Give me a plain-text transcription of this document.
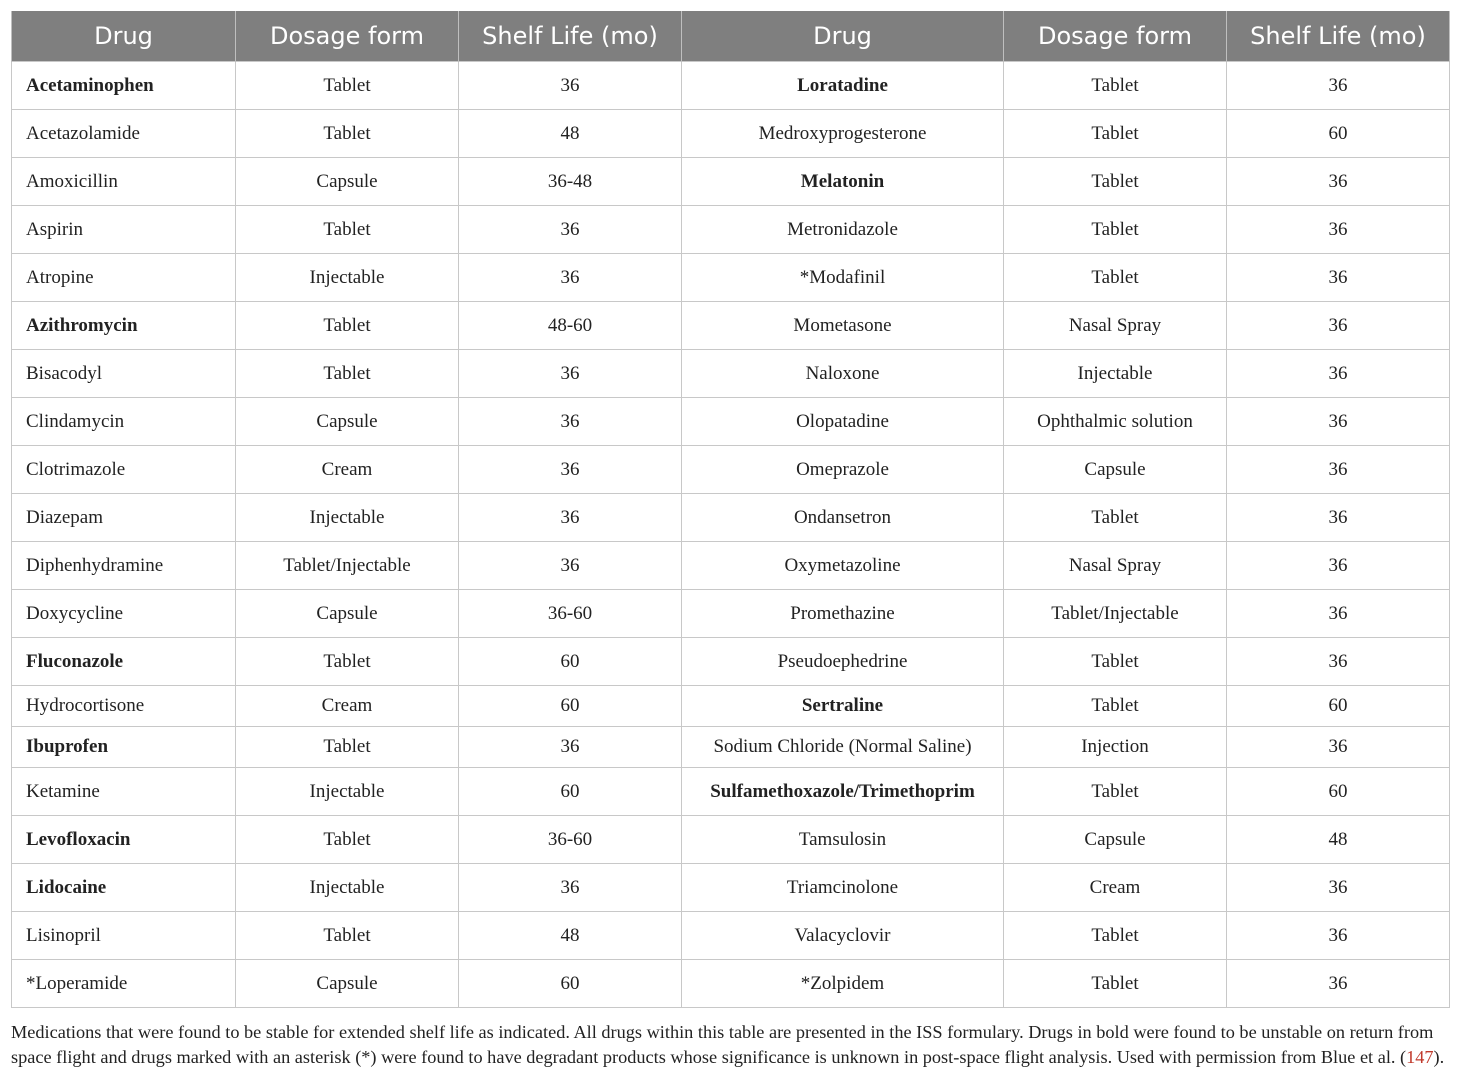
Drug	Dosage form	Shelf Life (mo)	Drug	Dosage form	Shelf Life (mo)
Acetaminophen	Tablet	36	Loratadine	Tablet	36
Acetazolamide	Tablet	48	Medroxyprogesterone	Tablet	60
Amoxicillin	Capsule	36-48	Melatonin	Tablet	36
Aspirin	Tablet	36	Metronidazole	Tablet	36
Atropine	Injectable	36	*Modafinil	Tablet	36
Azithromycin	Tablet	48-60	Mometasone	Nasal Spray	36
Bisacodyl	Tablet	36	Naloxone	Injectable	36
Clindamycin	Capsule	36	Olopatadine	Ophthalmic solution	36
Clotrimazole	Cream	36	Omeprazole	Capsule	36
Diazepam	Injectable	36	Ondansetron	Tablet	36
Diphenhydramine	Tablet/Injectable	36	Oxymetazoline	Nasal Spray	36
Doxycycline	Capsule	36-60	Promethazine	Tablet/Injectable	36
Fluconazole	Tablet	60	Pseudoephedrine	Tablet	36
Hydrocortisone	Cream	60	Sertraline	Tablet	60
Ibuprofen	Tablet	36	Sodium Chloride (Normal Saline)	Injection	36
Ketamine	Injectable	60	Sulfamethoxazole/Trimethoprim	Tablet	60
Levofloxacin	Tablet	36-60	Tamsulosin	Capsule	48
Lidocaine	Injectable	36	Triamcinolone	Cream	36
Lisinopril	Tablet	48	Valacyclovir	Tablet	36
*Loperamide	Capsule	60	*Zolpidem	Tablet	36

Medications that were found to be stable for extended shelf life as indicated. All drugs within this table are presented in the ISS formulary. Drugs in bold were found to be unstable on return from space flight and drugs marked with an asterisk (*) were found to have degradant products whose significance is unknown in post-space flight analysis. Used with permission from Blue et al. (147).
